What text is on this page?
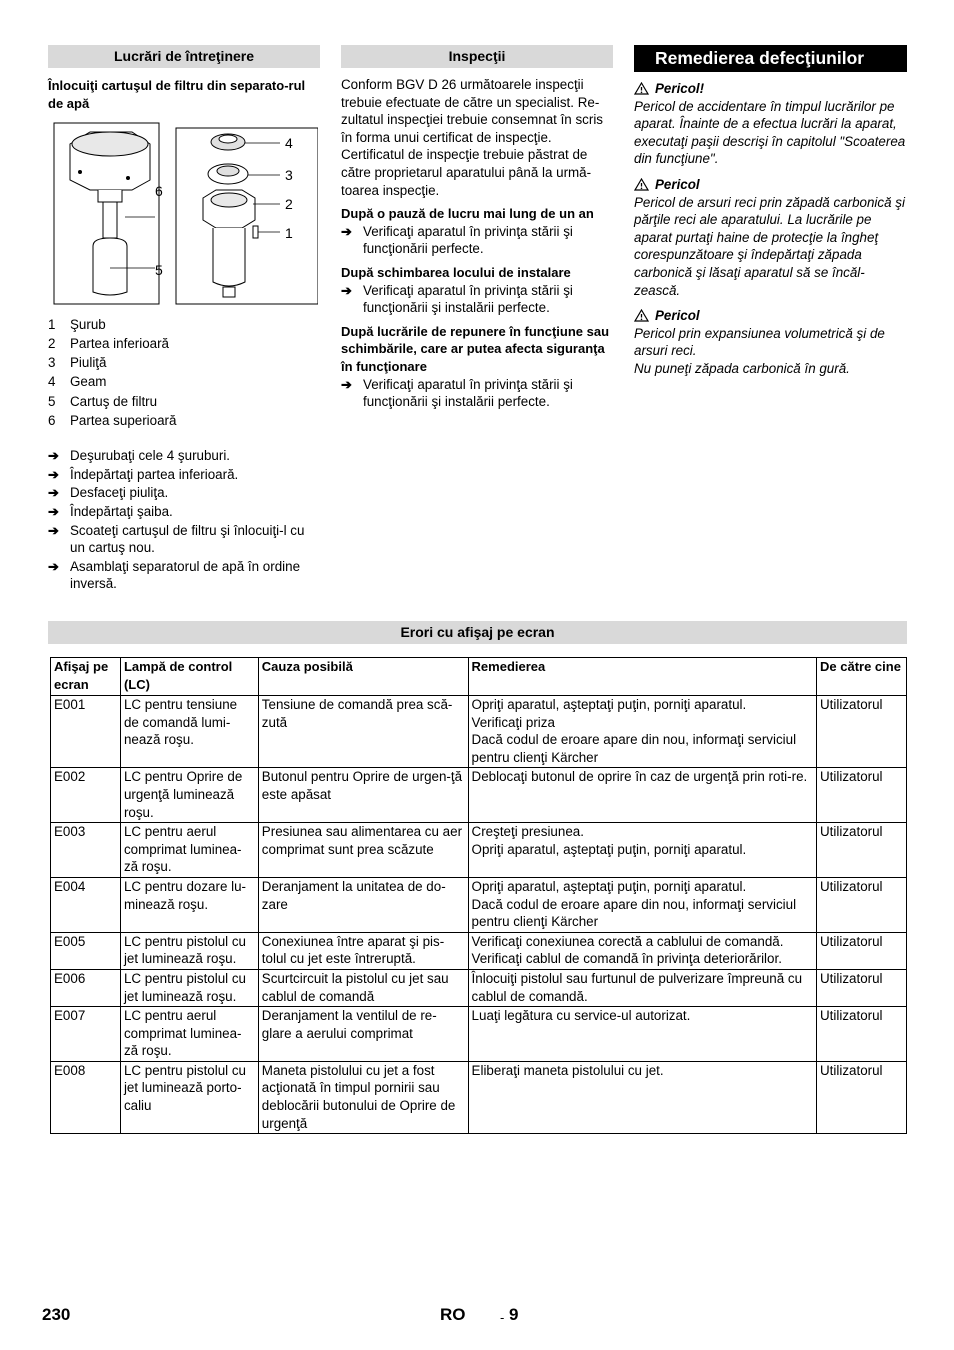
Lucrări de întreţinere
Înlocuiţi cartuşul de filtru din separato-rul de apă
4
3
2
1
6
5
1	Şurub
2	Partea inferioară
3	Piuliţă
4	Geam
5	Cartuş de filtru
6	Partea superioară
➔ Deşurubaţi cele 4 şuruburi.
➔ Îndepărtaţi partea inferioară.
➔ Desfaceţi piuliţa.
➔ Îndepărtaţi şaiba.
➔ Scoateţi cartuşul de filtru şi înlocuiţi-l cu un cartuş nou.
➔ Asamblaţi separatorul de apă în ordine inversă.
Inspecţii

Conform BGV D 26 următoarele inspecţii trebuie efectuate de către un specialist. Re-zultatul inspecţiei trebuie consemnat în scris în forma unui certificat de inspecţie. Certificatul de inspecţie trebuie păstrat de către proprietarul aparatului până la urmă-toarea inspecţie.

După o pauză de lucru mai lung de un an
➔ Verificaţi aparatul în privinţa stării şi funcţionării perfecte.
După schimbarea locului de instalare
➔ Verificaţi aparatul în privinţa stării şi funcţionării şi instalării perfecte.
După lucrările de repunere în funcţiune sau schimbările, care ar putea afecta siguranţa în funcţionare
➔ Verificaţi aparatul în privinţa stării şi funcţionării şi instalării perfecte.
Remedierea defecţiunilor
Pericol!
Pericol de accidentare în timpul lucrărilor pe aparat. Înainte de a efectua lucrări la aparat, executaţi paşii descrişi în capitolul "Scoaterea din funcţiune".
Pericol
Pericol de arsuri reci prin zăpadă carbonică şi părţile reci ale aparatului. La lucrările pe aparat purtaţi haine de protecţie la îngheţ corespunzătoare şi îndepărtaţi zăpada carbonică şi lăsaţi aparatul să se încăl-zească.
Pericol
Pericol prin expansiunea volumetrică şi de arsuri reci.
Nu puneţi zăpada carbonică în gură.
Erori cu afişaj pe ecran
Afişaj pe ecran	Lampă de control (LC)	Cauza posibilă	Remedierea	De către cine
E001	LC pentru tensiune de comandă lumi-nează roşu.	Tensiune de comandă prea scă-zută	Opriţi aparatul, aşteptaţi puţin, porniţi aparatul.
Verificaţi priza
Dacă codul de eroare apare din nou, informaţi serviciul pentru clienţi Kärcher	Utilizatorul
E002	LC pentru Oprire de urgenţă luminează roşu.	Butonul pentru Oprire de urgen-ţă este apăsat	Deblocaţi butonul de oprire în caz de urgenţă prin roti-re.	Utilizatorul
E003	LC pentru aerul comprimat luminea-ză roşu.	Presiunea sau alimentarea cu aer comprimat sunt prea scăzute	Creşteţi presiunea.
Opriţi aparatul, aşteptaţi puţin, porniţi aparatul.	Utilizatorul
E004	LC pentru dozare lu-minează roşu.	Deranjament la unitatea de do-zare	Opriţi aparatul, aşteptaţi puţin, porniţi aparatul.
Dacă codul de eroare apare din nou, informaţi serviciul pentru clienţi Kärcher	Utilizatorul
E005	LC pentru pistolul cu jet luminează roşu.	Conexiunea între aparat şi pis-tolul cu jet este întreruptă.	Verificaţi conexiunea corectă a cablului de comandă.
Verificaţi cablul de comandă în privinţa deteriorărilor.	Utilizatorul
E006	LC pentru pistolul cu jet luminează roşu.	Scurtcircuit la pistolul cu jet sau cablul de comandă	Înlocuiţi pistolul sau furtunul de pulverizare împreună cu cablul de comandă.	Utilizatorul
E007	LC pentru aerul comprimat luminea-ză roşu.	Deranjament la ventilul de re-glare a aerului comprimat	Luaţi legătura cu service-ul autorizat.	Utilizatorul
E008	LC pentru pistolul cu jet luminează porto-caliu	Maneta pistolului cu jet a fost acţionată în timpul pornirii sau deblocării butonului de Oprire de urgenţă	Eliberaţi maneta pistolului cu jet.	Utilizatorul
230	RO	- 9
